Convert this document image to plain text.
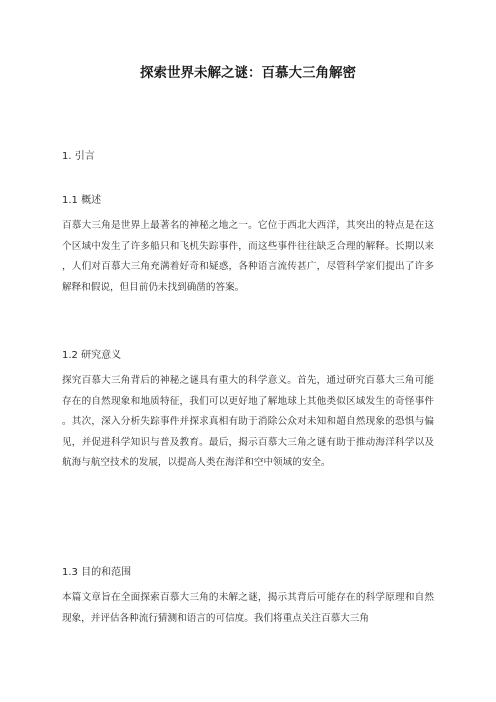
探索世界未解之谜：百慕大三角解密
1. 引言
1.1 概述
百慕大三角是世界上最著名的神秘之地之一。它位于西北大西洋，其突出的特点是在这个区域中发生了许多船只和飞机失踪事件，而这些事件往往缺乏合理的解释。长期以来，人们对百慕大三角充满着好奇和疑惑，各种语言流传甚广，尽管科学家们提出了许多解释和假说，但目前仍未找到确凿的答案。
1.2 研究意义
探究百慕大三角背后的神秘之谜具有重大的科学意义。首先，通过研究百慕大三角可能存在的自然现象和地质特征，我们可以更好地了解地球上其他类似区域发生的奇怪事件。其次，深入分析失踪事件并探求真相有助于消除公众对未知和超自然现象的恐惧与偏见，并促进科学知识与普及教育。最后，揭示百慕大三角之谜有助于推动海洋科学以及航海与航空技术的发展，以提高人类在海洋和空中领域的安全。
1.3 目的和范围
本篇文章旨在全面探索百慕大三角的未解之谜，揭示其背后可能存在的科学原理和自然现象，并评估各种流行猜测和语言的可信度。我们将重点关注百慕大三角
